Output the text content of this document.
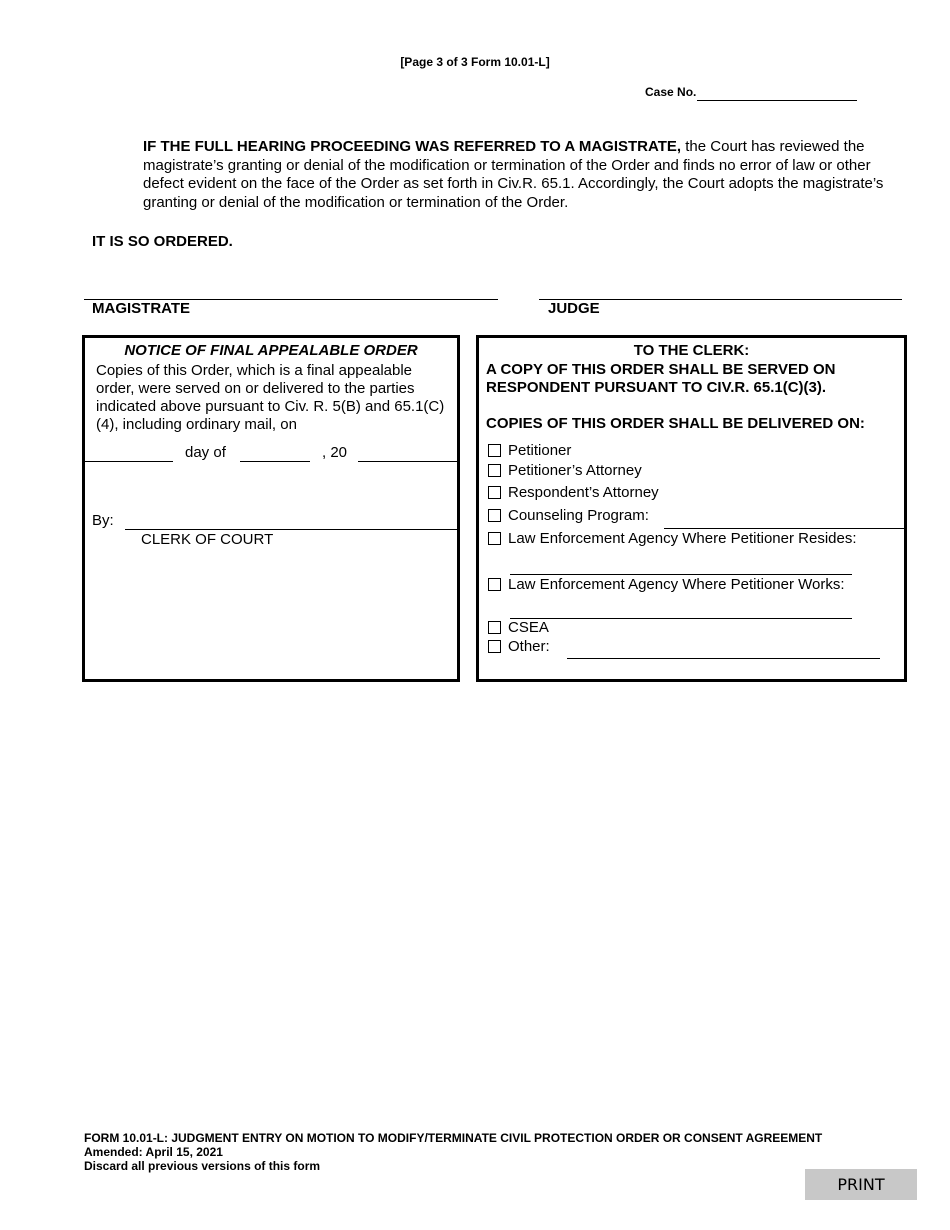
[Page 3 of 3 Form 10.01-L]
Case No.
IF THE FULL HEARING PROCEEDING WAS REFERRED TO A MAGISTRATE, the Court has reviewed the magistrate’s granting or denial of the modification or termination of the Order and finds no error of law or other defect evident on the face of the Order as set forth in Civ.R. 65.1. Accordingly, the Court adopts the magistrate’s granting or denial of the modification or termination of the Order.
IT IS SO ORDERED.
MAGISTRATE	JUDGE
NOTICE OF FINAL APPEALABLE ORDER
Copies of this Order, which is a final appealable order, were served on or delivered to the parties indicated above pursuant to Civ. R. 5(B) and 65.1(C)(4), including ordinary mail, on
day of	, 20
By:
CLERK OF COURT
TO THE CLERK:
A COPY OF THIS ORDER SHALL BE SERVED ON
RESPONDENT PURSUANT TO CIV.R. 65.1(C)(3).
COPIES OF THIS ORDER SHALL BE DELIVERED ON:
Petitioner
Petitioner’s Attorney
Respondent’s Attorney
Counseling Program:
Law Enforcement Agency Where Petitioner Resides:
Law Enforcement Agency Where Petitioner Works:
CSEA
Other:
FORM 10.01-L: JUDGMENT ENTRY ON MOTION TO MODIFY/TERMINATE CIVIL PROTECTION ORDER OR CONSENT AGREEMENT
Amended: April 15, 2021
Discard all previous versions of this form
PRINT
